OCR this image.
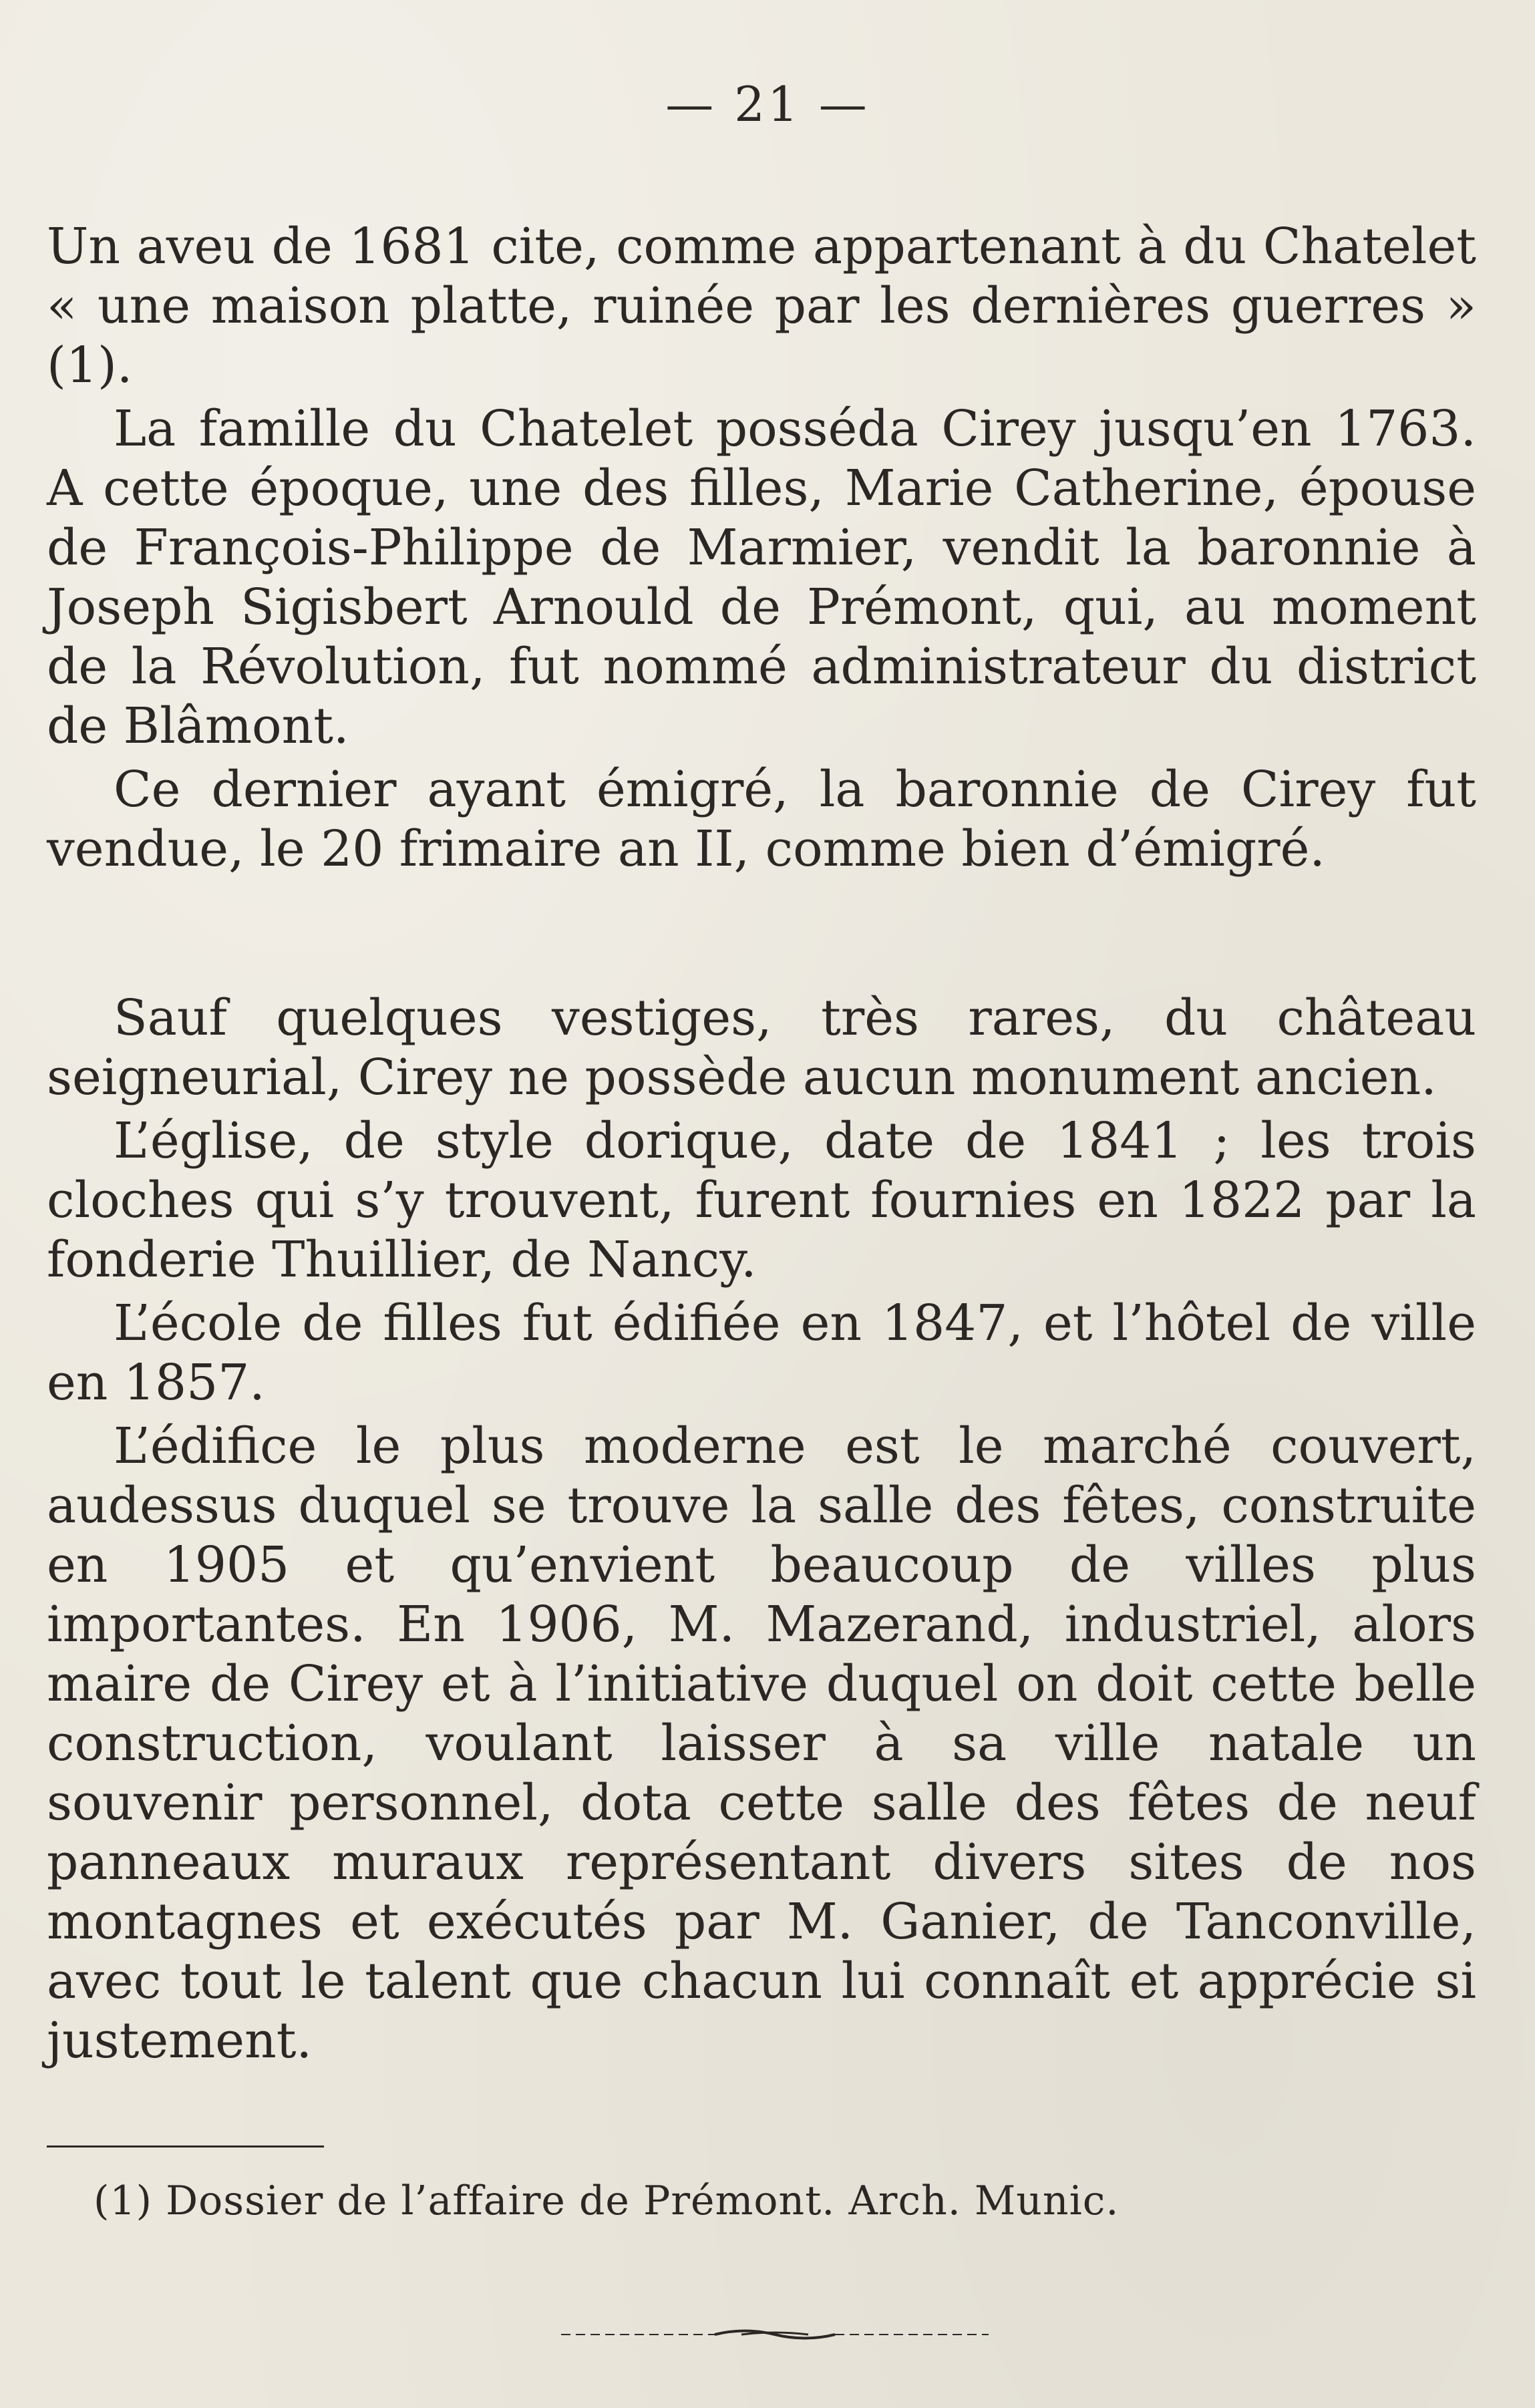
— 21 —

Un aveu de 1681 cite, comme appartenant à du Chatelet « une maison platte, ruinée par les dernières guerres » (1).

La famille du Chatelet posséda Cirey jusqu’en 1763. A cette époque, une des filles, Marie Catherine, épouse de François-Philippe de Marmier, vendit la baronnie à Joseph Sigisbert Arnould de Prémont, qui, au moment de la Révolution, fut nommé administrateur du district de Blâmont.

Ce dernier ayant émigré, la baronnie de Cirey fut vendue, le 20 frimaire an II, comme bien d’émigré.

Sauf quelques vestiges, très rares, du château seigneurial, Cirey ne possède aucun monument ancien.

L’église, de style dorique, date de 1841 ; les trois cloches qui s’y trouvent, furent fournies en 1822 par la fonderie Thuillier, de Nancy.

L’école de filles fut édifiée en 1847, et l’hôtel de ville en 1857.

L’édifice le plus moderne est le marché couvert, audessus duquel se trouve la salle des fêtes, construite en 1905 et qu’envient beaucoup de villes plus importantes. En 1906, M. Mazerand, industriel, alors maire de Cirey et à l’initiative duquel on doit cette belle construction, voulant laisser à sa ville natale un souvenir personnel, dota cette salle des fêtes de neuf panneaux muraux représentant divers sites de nos montagnes et exécutés par M. Ganier, de Tanconville, avec tout le talent que chacun lui connaît et apprécie si justement.

(1) Dossier de l’affaire de Prémont. Arch. Munic.
